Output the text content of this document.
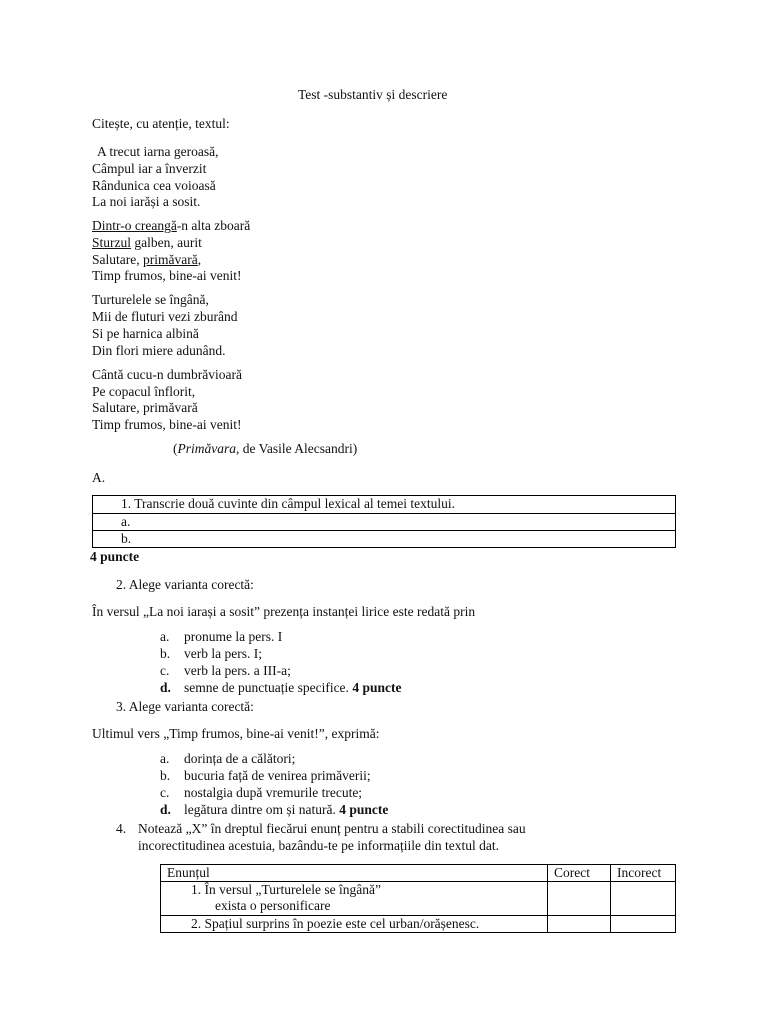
Test -substantiv și descriere
Citește, cu atenție, textul:
A trecut iarna geroasă,
Câmpul iar a înverzit
Rândunica cea voioasă
La noi iarăși a sosit.
Dintr-o creangă-n alta zboară
Sturzul galben, aurit
Salutare, primăvară,
Timp frumos, bine-ai venit!
Turturelele se îngână,
Mii de fluturi vezi zburând
Si pe harnica albină
Din flori miere adunând.
Cântă cucu-n dumbrăvioară
Pe copacul înflorit,
Salutare, primăvară
Timp frumos, bine-ai venit!
(Primăvara, de Vasile Alecsandri)
A.
1. Transcrie două cuvinte din câmpul lexical al temei textului.
a.
b.
4 puncte
2. Alege varianta corectă:
În versul „La noi iarași a sosit” prezența instanței lirice este redată prin
a. pronume la pers. I
b. verb la pers. I;
c. verb la pers. a III-a;
d. semne de punctuație specifice. 4 puncte
3. Alege varianta corectă:
Ultimul vers „Timp frumos, bine-ai venit!”, exprimă:
a. dorința de a călători;
b. bucuria față de venirea primăverii;
c. nostalgia după vremurile trecute;
d. legătura dintre om și natură. 4 puncte
4. Notează „X” în dreptul fiecărui enunț pentru a stabili corectitudinea sau
incorectitudinea acestuia, bazându-te pe informațiile din textul dat.
Enunțul	Corect	Incorect

1. În versul „Turturelele se îngână”
exista o personificare		

2. Spațiul surprins în poezie este cel urban/orășenesc.		
